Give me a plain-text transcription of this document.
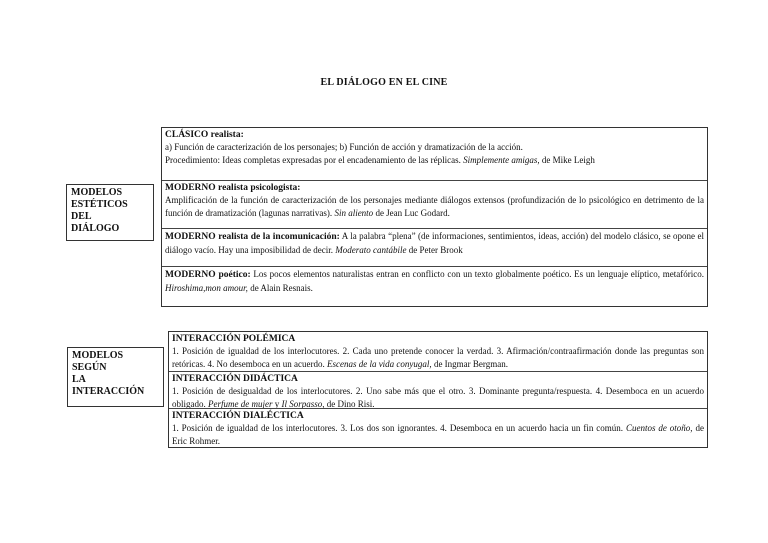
EL DIÁLOGO EN EL CINE
MODELOS
ESTÉTICOS
DEL
DIÁLOGO
CLÁSICO realista:
a) Función de caracterización de los personajes; b) Función de acción y dramatización de la acción.
Procedimiento: Ideas completas expresadas por el encadenamiento de las réplicas. Simplemente amigas, de Mike Leigh
MODERNO realista psicologista:
Amplificación de la función de caracterización de los personajes mediante diálogos extensos (profundización de lo psicológico en detrimento de la función de dramatización (lagunas narrativas). Sin aliento de Jean Luc Godard.
MODERNO realista de la incomunicación: A la palabra “plena” (de informaciones, sentimientos, ideas, acción) del modelo clásico, se opone el diálogo vacío. Hay una imposibilidad de decir. Moderato cantábile de Peter Brook
MODERNO poético: Los pocos elementos naturalistas entran en conflicto con un texto globalmente poético. Es un lenguaje elíptico, metafórico. Hiroshima,mon amour, de Alain Resnais.
MODELOS
SEGÚN
LA
INTERACCIÓN
INTERACCIÓN POLÉMICA
1. Posición de igualdad de los interlocutores. 2. Cada uno pretende conocer la verdad. 3. Afirmación/contraafirmación donde las preguntas son retóricas. 4. No desemboca en un acuerdo. Escenas de la vida conyugal, de Ingmar Bergman.
INTERACCIÓN DIDÁCTICA
1. Posición de desigualdad de los interlocutores. 2. Uno sabe más que el otro. 3. Dominante pregunta/respuesta. 4. Desemboca en un acuerdo obligado. Perfume de mujer y Il Sorpasso, de Dino Risi.
INTERACCIÓN DIALÉCTICA
1. Posición de igualdad de los interlocutores. 3. Los dos son ignorantes. 4. Desemboca en un acuerdo hacia un fin común. Cuentos de otoño, de Eric Rohmer.
